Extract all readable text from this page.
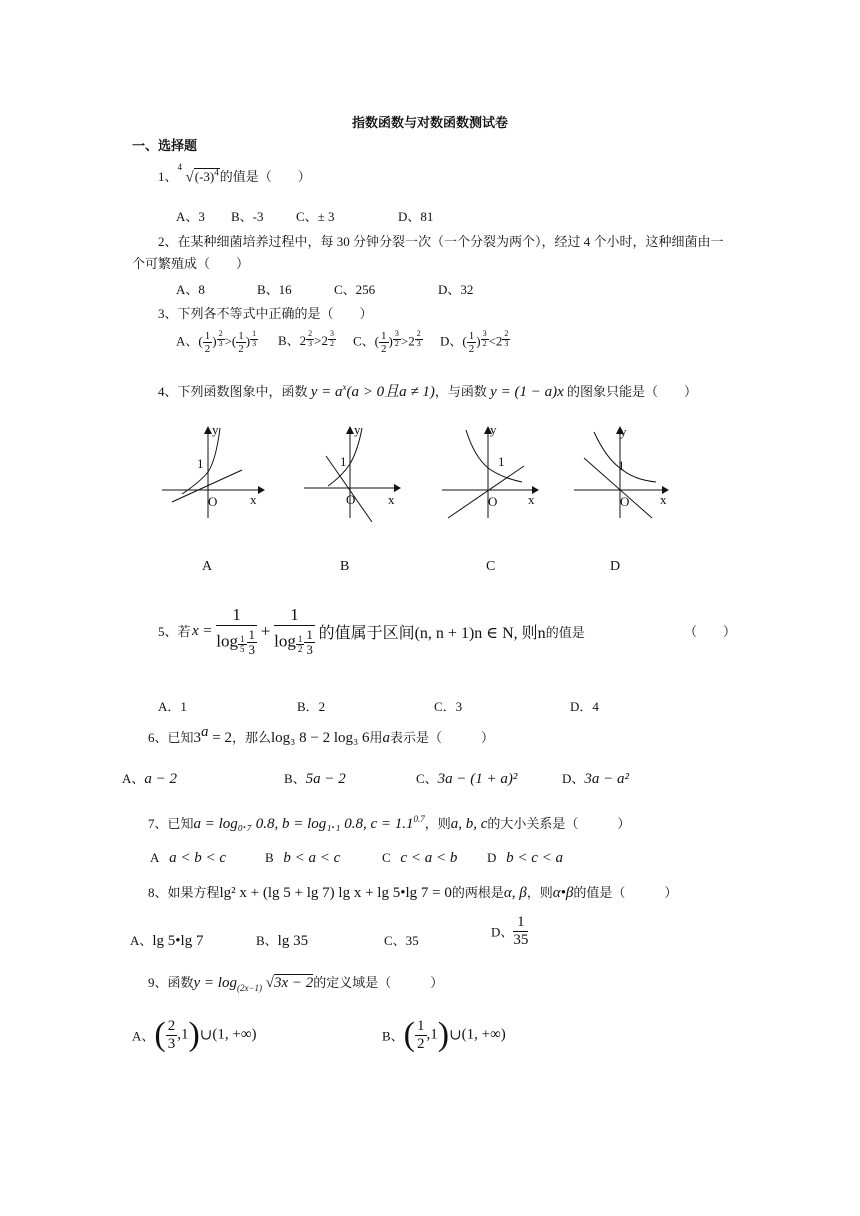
指数函数与对数函数测试卷
一、选择题
1、
4
$√(-3)^4$的值是（　　）
A、3 B、-3 C、± 3	D、81
2、在某种细菌培养过程中，每 30 分钟分裂一次（一个分裂为两个），经过 4 个小时，这种细菌由一
个可繁殖成（　　）
A、8	B、16	C、256	D、32
3、下列各不等式中正确的是（　　）
A、( $\frac{1}{2}$ ) $\frac{2}{3}$ >( $\frac{1}{2}$ ) $\frac{1}{3}$ B、$2 \frac{2}{3} >2 \frac{3}{2}$ C、( $\frac{1}{2}$ ) $\frac{3}{2} >2 \frac{2}{3}$ D、( $\frac{1}{2}$ ) $\frac{3}{2} <2 \frac{2}{3}$
4、下列函数图象中，函数 $y = a^x(a > 0$且a ≠ 1)，与函数 y = (1 − a)x 的图象只能是（　　）
y
1
O	x
y
1
O	x
y
1
O x
y
1
O x
A	B	C	D
5、若 $x = \frac{1}{\log \frac{1}{5} \frac{1}{3}} + \frac{1}{\log \frac{1}{2} \frac{1}{3}}$ 的值属于区间(n, n + 1)n ∈ N, 则n的值是	（　　）
A．1	B．2	C．3	D．4
6、已知$3^a = 2$，那么log₃ 8 − 2 log₃ 6用a表示是（　　　）
A、a − 2	B、5a − 2	C、3a − (1 + a)²	D、3a − a²
7、已知a = log₀.₇ 0.8, b = log₁.₁ 0.8, $c = 1.1^{0.7}$，则a, b, c的大小关系是（　　　）
A a < b < c	B b < a < c	C c < a < b D b < c < a
8、如果方程lg² x + (lg 5 + lg 7) lg x + lg 5•lg 7 = 0的两根是α, β，则α•β的值是（　　　）
A、lg 5•lg 7	B、lg 35	C、35
D、 $\frac{1}{35}$
9、函数$y = \log_{(2x-1)} √3x - 2$的定义域是（　　　）
A、( $\frac{2}{3}$ ,1)∪(1, +∞)	B、( $\frac{1}{2}$ ,1)∪(1, +∞)
